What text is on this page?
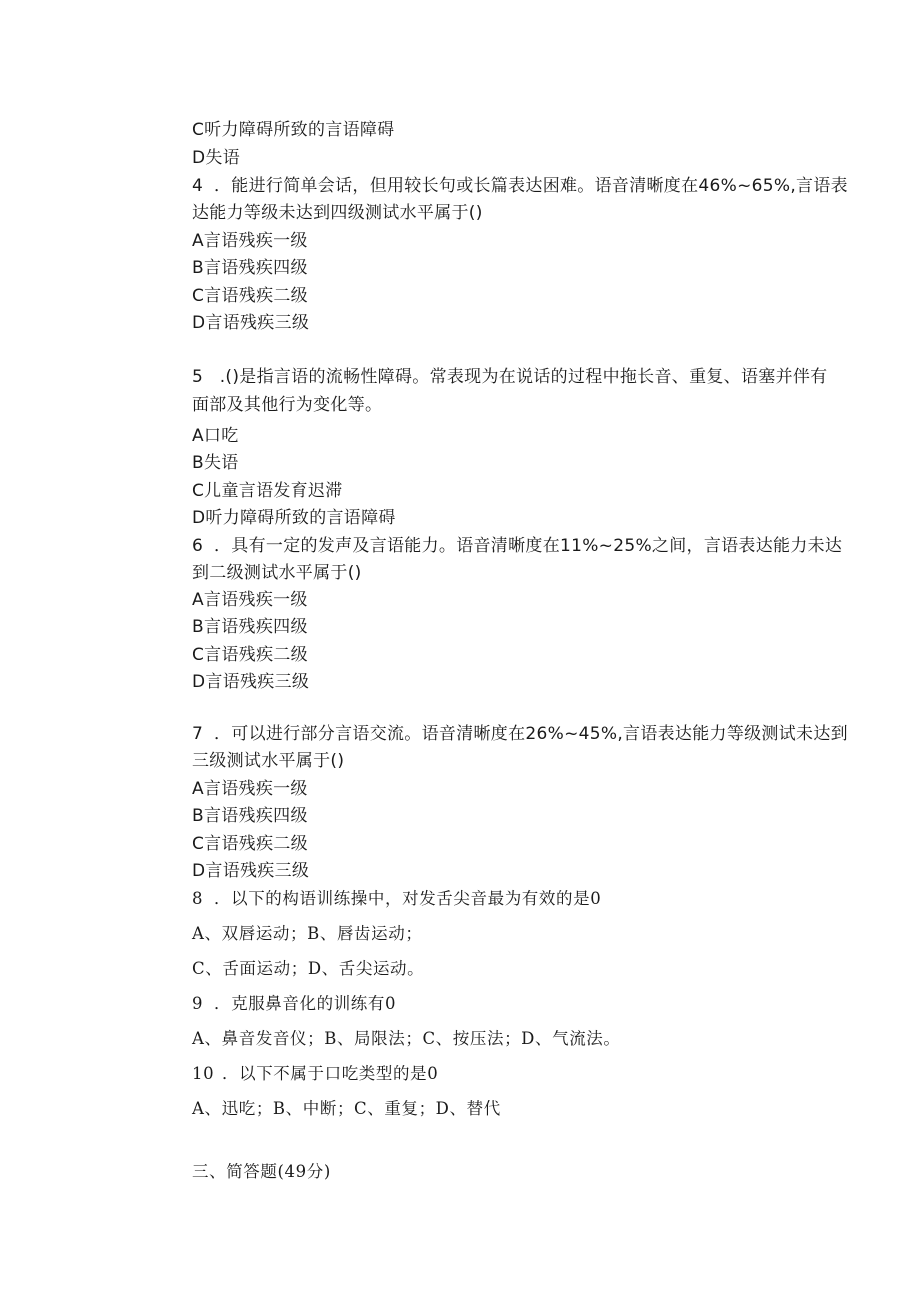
C听力障碍所致的言语障碍

D失语

4 ．能进行简单会话，但用较长句或长篇表达困难。语音清晰度在46%~65%,言语表

达能力等级未达到四级测试水平属于()

A言语残疾一级

B言语残疾四级

C言语残疾二级

D言语残疾三级

5 .()是指言语的流畅性障碍。常表现为在说话的过程中拖长音、重复、语塞并伴有

面部及其他行为变化等。

A口吃

B失语

C儿童言语发育迟滞

D听力障碍所致的言语障碍

6 ．具有一定的发声及言语能力。语音清晰度在11%~25%之间，言语表达能力未达

到二级测试水平属于()

A言语残疾一级

B言语残疾四级

C言语残疾二级

D言语残疾三级

7 ．可以进行部分言语交流。语音清晰度在26%~45%,言语表达能力等级测试未达到

三级测试水平属于()

A言语残疾一级

B言语残疾四级

C言语残疾二级

D言语残疾三级

8 ．以下的构语训练操中，对发舌尖音最为有效的是0

A、双唇运动；B、唇齿运动；

C、舌面运动；D、舌尖运动。

9 ．克服鼻音化的训练有0

A、鼻音发音仪；B、局限法；C、按压法；D、气流法。

10 ．以下不属于口吃类型的是0

A、迅吃；B、中断；C、重复；D、替代

三、简答题(49分)
